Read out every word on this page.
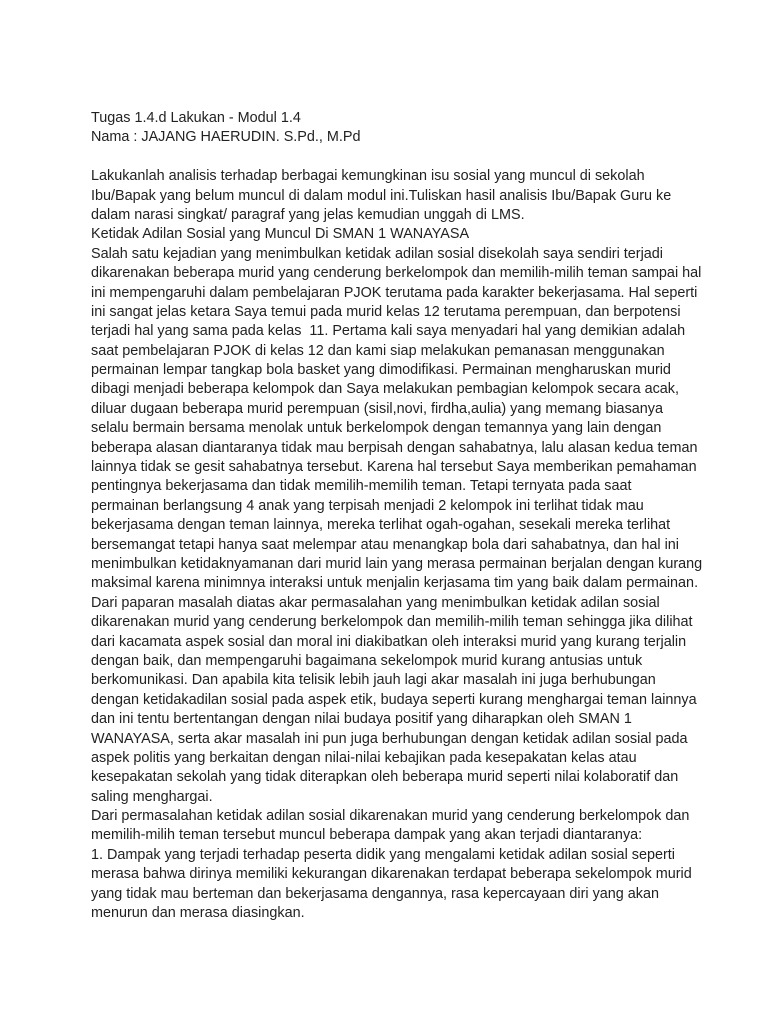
Tugas 1.4.d Lakukan - Modul 1.4
Nama : JAJANG HAERUDIN. S.Pd., M.Pd
Lakukanlah analisis terhadap berbagai kemungkinan isu sosial yang muncul di sekolah
Ibu/Bapak yang belum muncul di dalam modul ini.Tuliskan hasil analisis Ibu/Bapak Guru ke
dalam narasi singkat/ paragraf yang jelas kemudian unggah di LMS.
Ketidak Adilan Sosial yang Muncul Di SMAN 1 WANAYASA
Salah satu kejadian yang menimbulkan ketidak adilan sosial disekolah saya sendiri terjadi
dikarenakan beberapa murid yang cenderung berkelompok dan memilih-milih teman sampai hal
ini mempengaruhi dalam pembelajaran PJOK terutama pada karakter bekerjasama. Hal seperti
ini sangat jelas ketara Saya temui pada murid kelas 12 terutama perempuan, dan berpotensi
terjadi hal yang sama pada kelas  11. Pertama kali saya menyadari hal yang demikian adalah
saat pembelajaran PJOK di kelas 12 dan kami siap melakukan pemanasan menggunakan
permainan lempar tangkap bola basket yang dimodifikasi. Permainan mengharuskan murid
dibagi menjadi beberapa kelompok dan Saya melakukan pembagian kelompok secara acak,
diluar dugaan beberapa murid perempuan (sisil,novi, firdha,aulia) yang memang biasanya
selalu bermain bersama menolak untuk berkelompok dengan temannya yang lain dengan
beberapa alasan diantaranya tidak mau berpisah dengan sahabatnya, lalu alasan kedua teman
lainnya tidak se gesit sahabatnya tersebut. Karena hal tersebut Saya memberikan pemahaman
pentingnya bekerjasama dan tidak memilih-memilih teman. Tetapi ternyata pada saat
permainan berlangsung 4 anak yang terpisah menjadi 2 kelompok ini terlihat tidak mau
bekerjasama dengan teman lainnya, mereka terlihat ogah-ogahan, sesekali mereka terlihat
bersemangat tetapi hanya saat melempar atau menangkap bola dari sahabatnya, dan hal ini
menimbulkan ketidaknyamanan dari murid lain yang merasa permainan berjalan dengan kurang
maksimal karena minimnya interaksi untuk menjalin kerjasama tim yang baik dalam permainan.
Dari paparan masalah diatas akar permasalahan yang menimbulkan ketidak adilan sosial
dikarenakan murid yang cenderung berkelompok dan memilih-milih teman sehingga jika dilihat
dari kacamata aspek sosial dan moral ini diakibatkan oleh interaksi murid yang kurang terjalin
dengan baik, dan mempengaruhi bagaimana sekelompok murid kurang antusias untuk
berkomunikasi. Dan apabila kita telisik lebih jauh lagi akar masalah ini juga berhubungan
dengan ketidakadilan sosial pada aspek etik, budaya seperti kurang menghargai teman lainnya
dan ini tentu bertentangan dengan nilai budaya positif yang diharapkan oleh SMAN 1
WANAYASA, serta akar masalah ini pun juga berhubungan dengan ketidak adilan sosial pada
aspek politis yang berkaitan dengan nilai-nilai kebajikan pada kesepakatan kelas atau
kesepakatan sekolah yang tidak diterapkan oleh beberapa murid seperti nilai kolaboratif dan
saling menghargai.
Dari permasalahan ketidak adilan sosial dikarenakan murid yang cenderung berkelompok dan
memilih-milih teman tersebut muncul beberapa dampak yang akan terjadi diantaranya:
1. Dampak yang terjadi terhadap peserta didik yang mengalami ketidak adilan sosial seperti
merasa bahwa dirinya memiliki kekurangan dikarenakan terdapat beberapa sekelompok murid
yang tidak mau berteman dan bekerjasama dengannya, rasa kepercayaan diri yang akan
menurun dan merasa diasingkan.
